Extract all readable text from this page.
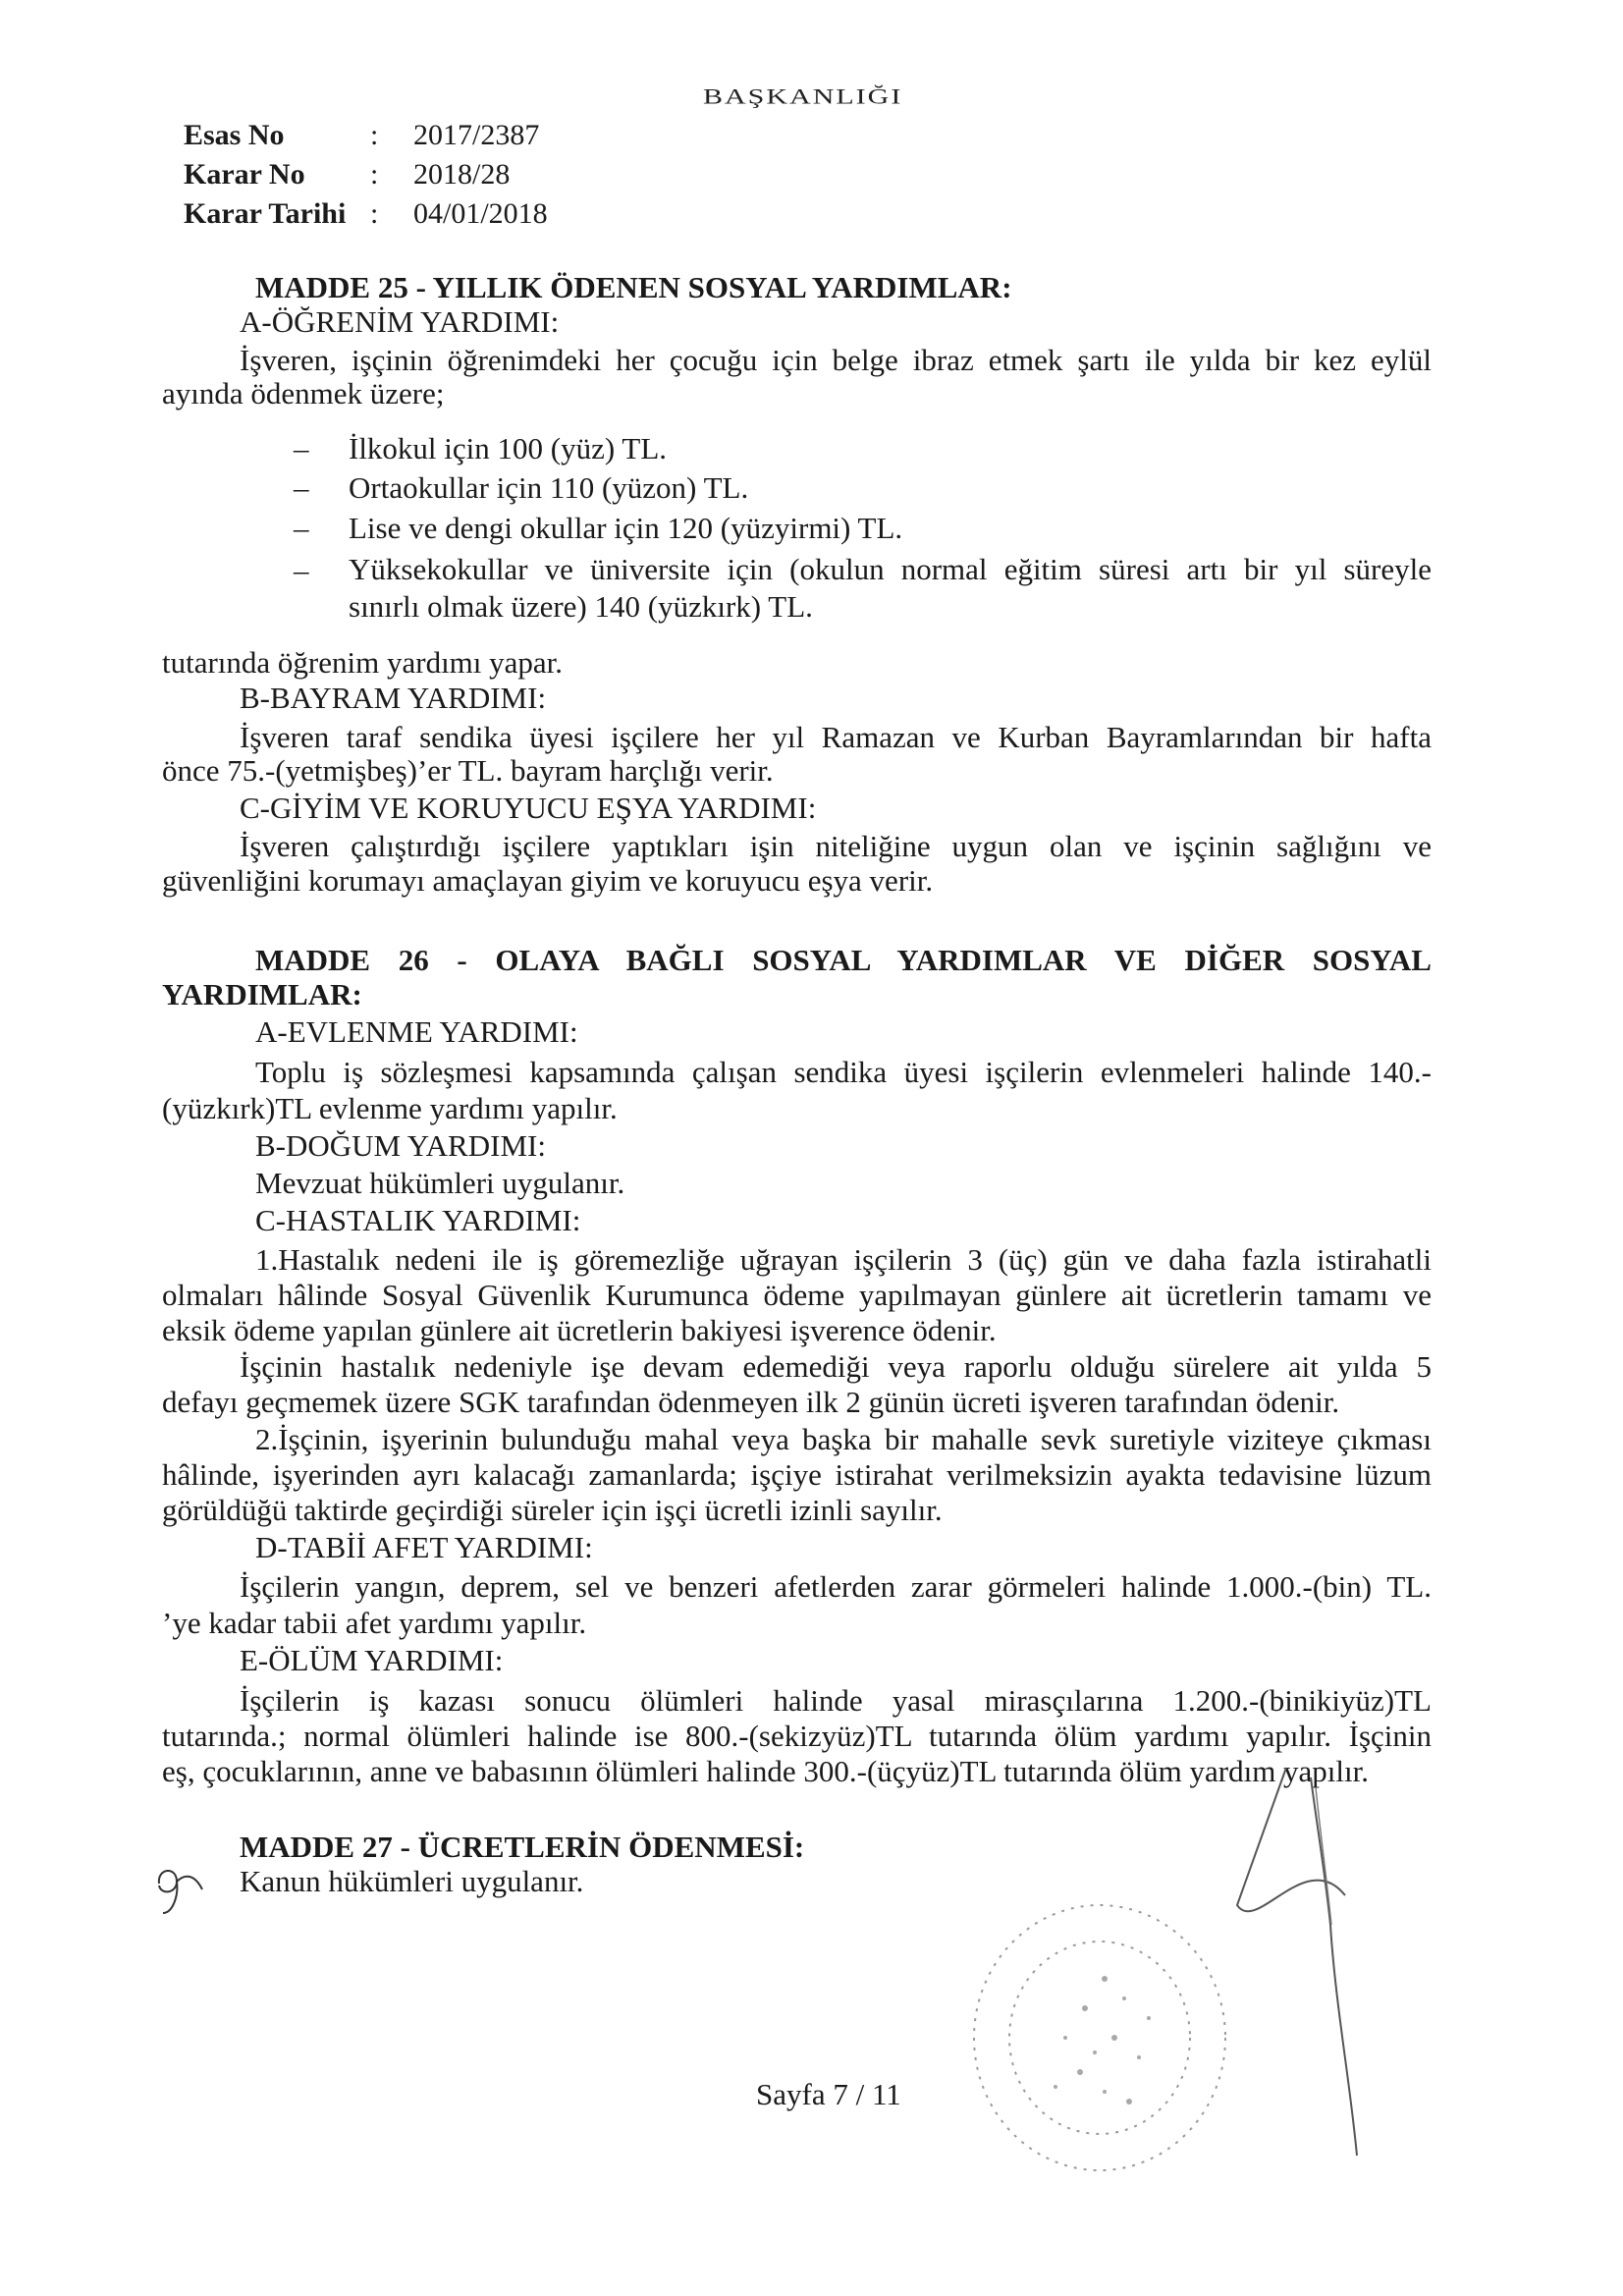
BAŞKANLIĞI
Esas No	:	2017/2387
Karar No	:	2018/28
Karar Tarihi :	04/01/2018
MADDE 25 - YILLIK ÖDENEN SOSYAL YARDIMLAR:
A-ÖĞRENİM YARDIMI:
İşveren, işçinin öğrenimdeki her çocuğu için belge ibraz etmek şartı ile yılda bir kez eylül
ayında ödenmek üzere;
– İlkokul için 100 (yüz) TL.
– Ortaokullar için 110 (yüzon) TL.
– Lise ve dengi okullar için 120 (yüzyirmi) TL.
– Yüksekokullar ve üniversite için (okulun normal eğitim süresi artı bir yıl süreyle
sınırlı olmak üzere) 140 (yüzkırk) TL.
tutarında öğrenim yardımı yapar.
B-BAYRAM YARDIMI:
İşveren taraf sendika üyesi işçilere her yıl Ramazan ve Kurban Bayramlarından bir hafta
önce 75.-(yetmişbeş)’er TL. bayram harçlığı verir.
C-GİYİM VE KORUYUCU EŞYA YARDIMI:
İşveren çalıştırdığı işçilere yaptıkları işin niteliğine uygun olan ve işçinin sağlığını ve
güvenliğini korumayı amaçlayan giyim ve koruyucu eşya verir.
MADDE 26 - OLAYA BAĞLI SOSYAL YARDIMLAR VE DİĞER SOSYAL
YARDIMLAR:
A-EVLENME YARDIMI:
Toplu iş sözleşmesi kapsamında çalışan sendika üyesi işçilerin evlenmeleri halinde 140.-
(yüzkırk)TL evlenme yardımı yapılır.
B-DOĞUM YARDIMI:
Mevzuat hükümleri uygulanır.
C-HASTALIK YARDIMI:
1.Hastalık nedeni ile iş göremezliğe uğrayan işçilerin 3 (üç) gün ve daha fazla istirahatli
olmaları hâlinde Sosyal Güvenlik Kurumunca ödeme yapılmayan günlere ait ücretlerin tamamı ve
eksik ödeme yapılan günlere ait ücretlerin bakiyesi işverence ödenir.
İşçinin hastalık nedeniyle işe devam edemediği veya raporlu olduğu sürelere ait yılda 5
defayı geçmemek üzere SGK tarafından ödenmeyen ilk 2 günün ücreti işveren tarafından ödenir.
2.İşçinin, işyerinin bulunduğu mahal veya başka bir mahalle sevk suretiyle viziteye çıkması
hâlinde, işyerinden ayrı kalacağı zamanlarda; işçiye istirahat verilmeksizin ayakta tedavisine lüzum
görüldüğü taktirde geçirdiği süreler için işçi ücretli izinli sayılır.
D-TABİİ AFET YARDIMI:
İşçilerin yangın, deprem, sel ve benzeri afetlerden zarar görmeleri halinde 1.000.-(bin) TL.
’ye kadar tabii afet yardımı yapılır.
E-ÖLÜM YARDIMI:
İşçilerin iş kazası sonucu ölümleri halinde yasal mirasçılarına 1.200.-(binikiyüz)TL
tutarında.; normal ölümleri halinde ise 800.-(sekizyüz)TL tutarında ölüm yardımı yapılır. İşçinin
eş, çocuklarının, anne ve babasının ölümleri halinde 300.-(üçyüz)TL tutarında ölüm yardım yapılır.
MADDE 27 - ÜCRETLERİN ÖDENMESİ:
Kanun hükümleri uygulanır.
Sayfa 7 / 11
